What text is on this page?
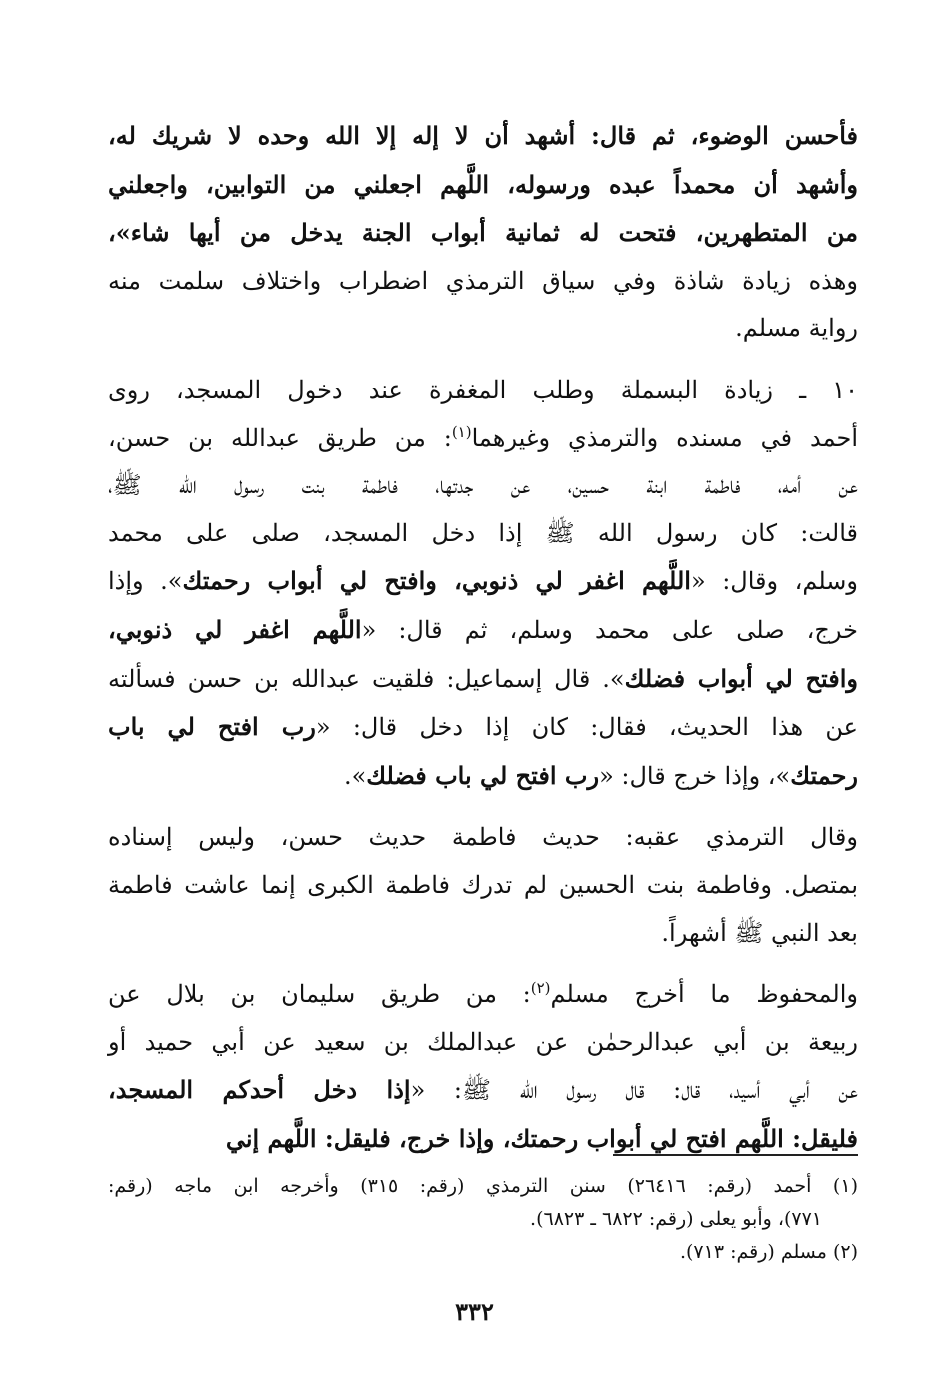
فأحسن الوضوء، ثم قال: أشهد أن لا إله إلا الله وحده لا شريك له،
وأشهد أن محمداً عبده ورسوله، اللَّهم اجعلني من التوابين، واجعلني
من المتطهرين، فتحت له ثمانية أبواب الجنة يدخل من أيها شاء»،
وهذه زيادة شاذة وفي سياق الترمذي اضطراب واختلاف سلمت منه
رواية مسلم.

١٠ ـ زيادة البسملة وطلب المغفرة عند دخول المسجد، روى
أحمد في مسنده والترمذي وغيرهما$^{(١)}$: من طريق عبدالله بن حسن،
عن أمه، فاطمة ابنة حسين، عن جدتها، فاطمة بنت رسول الله ﷺ،
قالت: كان رسول الله ﷺ إذا دخل المسجد، صلى على محمد
وسلم، وقال: «اللَّهم اغفر لي ذنوبي، وافتح لي أبواب رحمتك». وإذا
خرج، صلى على محمد وسلم، ثم قال: «اللَّهم اغفر لي ذنوبي،
وافتح لي أبواب فضلك». قال إسماعيل: فلقيت عبدالله بن حسن فسألته
عن هذا الحديث، فقال: كان إذا دخل قال: «رب افتح لي باب
رحمتك»، وإذا خرج قال: «رب افتح لي باب فضلك».

وقال الترمذي عقبه: حديث فاطمة حديث حسن، وليس إسناده
بمتصل. وفاطمة بنت الحسين لم تدرك فاطمة الكبرى إنما عاشت فاطمة
بعد النبي ﷺ أشهراً.

والمحفوظ ما أخرج مسلم$^{(٢)}$: من طريق سليمان بن بلال عن
ربيعة بن أبي عبدالرحمٰن عن عبدالملك بن سعيد عن أبي حميد أو
عن أبي أسيد، قال: قال رسول الله ﷺ: «إذا دخل أحدكم المسجد،
فليقل: اللَّهم افتح لي أبواب رحمتك، وإذا خرج، فليقل: اللَّهم إني

(١) أحمد (رقم: ٢٦٤١٦) سنن الترمذي (رقم: ٣١٥) وأخرجه ابن ماجه (رقم:
٧٧١)، وأبو يعلى (رقم: ٦٨٢٢ ـ ٦٨٢٣).

(٢) مسلم (رقم: ٧١٣).

٣٣٢
